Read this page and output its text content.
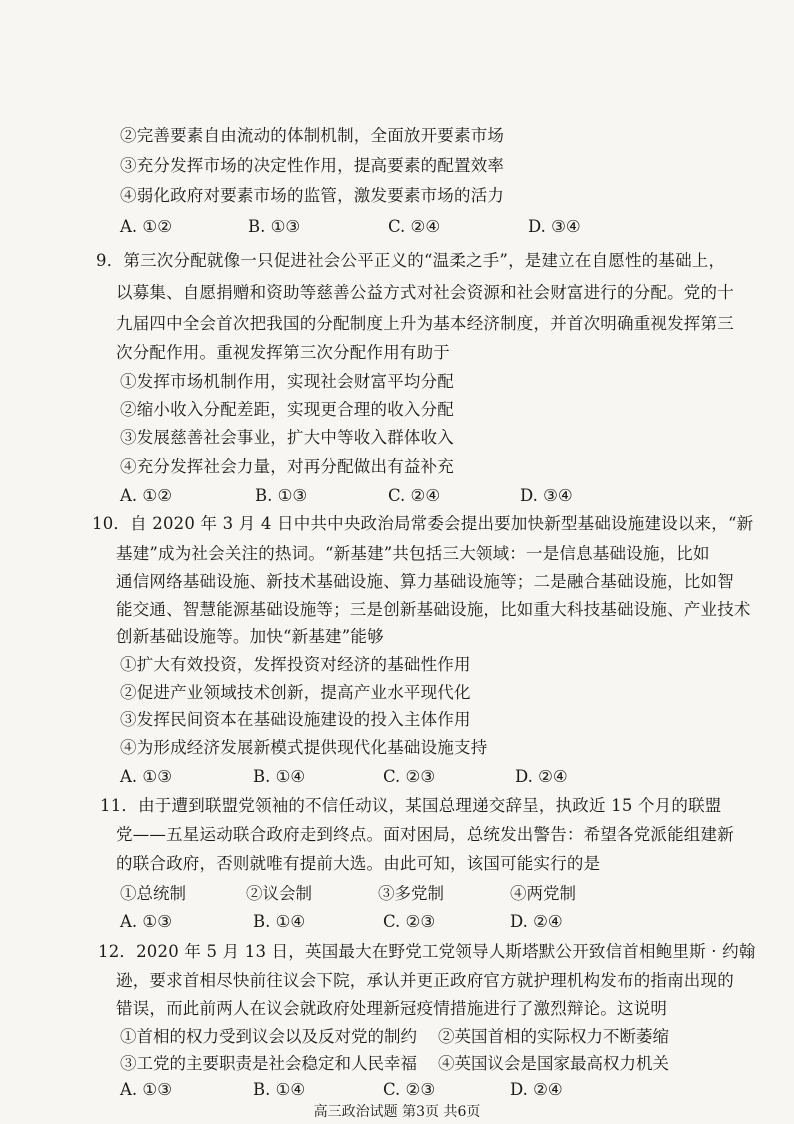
②完善要素自由流动的体制机制，全面放开要素市场
③充分发挥市场的决定性作用，提高要素的配置效率
④弱化政府对要素市场的监管，激发要素市场的活力
A. ①②	B. ①③	C. ②④	D. ③④
9．第三次分配就像一只促进社会公平正义的“温柔之手”，是建立在自愿性的基础上，
以募集、自愿捐赠和资助等慈善公益方式对社会资源和社会财富进行的分配。党的十
九届四中全会首次把我国的分配制度上升为基本经济制度，并首次明确重视发挥第三
次分配作用。重视发挥第三次分配作用有助于
①发挥市场机制作用，实现社会财富平均分配
②缩小收入分配差距，实现更合理的收入分配
③发展慈善社会事业，扩大中等收入群体收入
④充分发挥社会力量，对再分配做出有益补充
A. ①②	B. ①③	C. ②④	D. ③④
10．自 2020 年 3 月 4 日中共中央政治局常委会提出要加快新型基础设施建设以来，“新
基建”成为社会关注的热词。“新基建”共包括三大领域：一是信息基础设施，比如
通信网络基础设施、新技术基础设施、算力基础设施等；二是融合基础设施，比如智
能交通、智慧能源基础设施等；三是创新基础设施，比如重大科技基础设施、产业技术
创新基础设施等。加快“新基建”能够
①扩大有效投资，发挥投资对经济的基础性作用
②促进产业领域技术创新，提高产业水平现代化
③发挥民间资本在基础设施建设的投入主体作用
④为形成经济发展新模式提供现代化基础设施支持
A. ①③	B. ①④	C. ②③	D. ②④
11．由于遭到联盟党领袖的不信任动议，某国总理递交辞呈，执政近 15 个月的联盟
党——五星运动联合政府走到终点。面对困局，总统发出警告：希望各党派能组建新
的联合政府，否则就唯有提前大选。由此可知，该国可能实行的是
①总统制	②议会制	③多党制	④两党制
A. ①③	B. ①④	C. ②③	D. ②④
12．2020 年 5 月 13 日，英国最大在野党工党领导人斯塔默公开致信首相鲍里斯 · 约翰
逊，要求首相尽快前往议会下院，承认并更正政府官方就护理机构发布的指南出现的
错误，而此前两人在议会就政府处理新冠疫情措施进行了激烈辩论。这说明
①首相的权力受到议会以及反对党的制约 ②英国首相的实际权力不断萎缩
③工党的主要职责是社会稳定和人民幸福 ④英国议会是国家最高权力机关
A. ①③	B. ①④	C. ②③	D. ②④
高三政治试题 第3页 共6页
